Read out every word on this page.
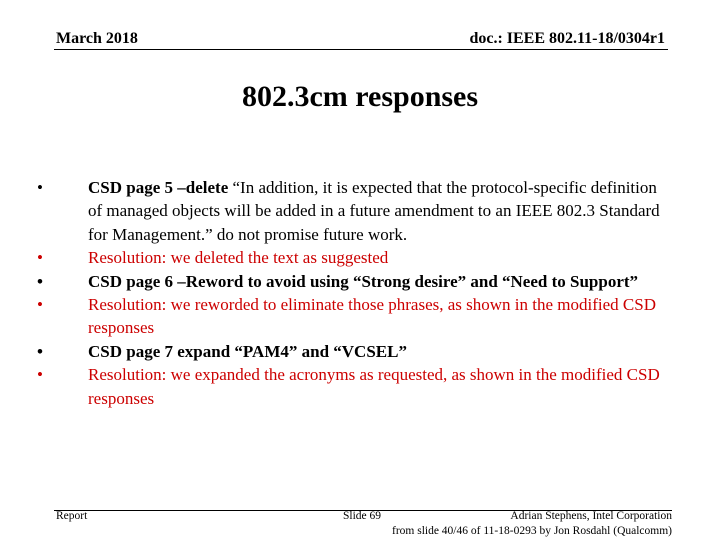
March 2018	doc.: IEEE 802.11-18/0304r1
802.3cm responses
•	CSD page 5 –delete “In addition, it is expected that the protocol-specific definition of managed objects will be added in a future amendment to an IEEE 802.3 Standard for Management.” do not promise future work.
•	Resolution: we deleted the text as suggested
•	CSD page 6 –Reword to avoid using “Strong desire” and “Need to Support”
•	Resolution: we reworded to eliminate those phrases, as shown in the modified CSD responses
•	CSD page 7 expand “PAM4” and “VCSEL”
•	Resolution: we expanded the acronyms as requested, as shown in the modified CSD responses
Report	Slide 69	Adrian Stephens, Intel Corporation
from slide 40/46 of 11-18-0293 by Jon Rosdahl (Qualcomm)
